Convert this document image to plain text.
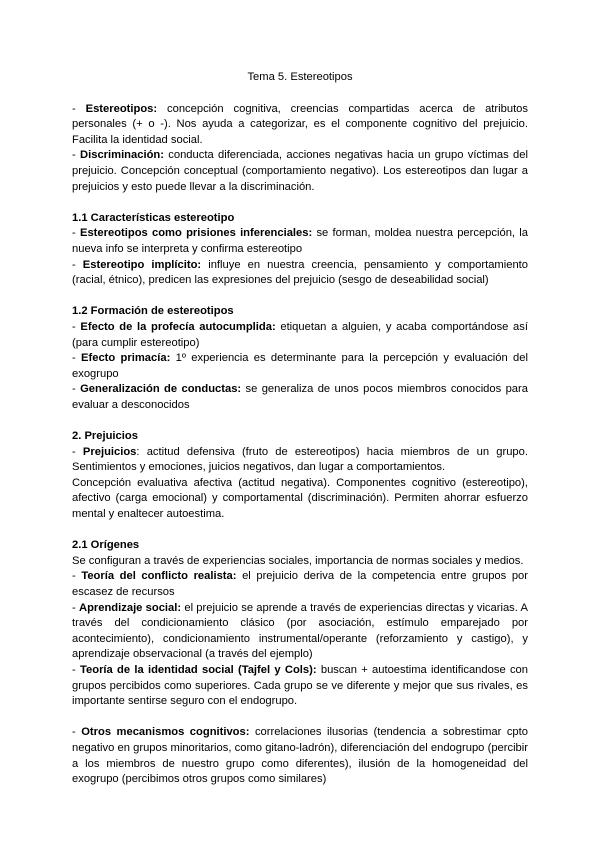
Tema 5. Estereotipos

- Estereotipos: concepción cognitiva, creencias compartidas acerca de atributos personales (+ o -). Nos ayuda a categorizar, es el componente cognitivo del prejuicio. Facilita la identidad social.

- Discriminación: conducta diferenciada, acciones negativas hacia un grupo víctimas del prejuicio. Concepción conceptual (comportamiento negativo). Los estereotipos dan lugar a prejuicios y esto puede llevar a la discriminación.

1.1 Características estereotipo

- Estereotipos como prisiones inferenciales: se forman, moldea nuestra percepción, la nueva info se interpreta y confirma estereotipo

- Estereotipo implícito: influye en nuestra creencia, pensamiento y comportamiento (racial, étnico), predicen las expresiones del prejuicio (sesgo de deseabilidad social)

1.2 Formación de estereotipos

- Efecto de la profecía autocumplida: etiquetan a alguien, y acaba comportándose así (para cumplir estereotipo)

- Efecto primacía: 1º experiencia es determinante para la percepción y evaluación del exogrupo

- Generalización de conductas: se generaliza de unos pocos miembros conocidos para evaluar a desconocidos

2. Prejuicios

- Prejuicios: actitud defensiva (fruto de estereotipos) hacia miembros de un grupo. Sentimientos y emociones, juicios negativos, dan lugar a comportamientos.

Concepción evaluativa afectiva (actitud negativa). Componentes cognitivo (estereotipo), afectivo (carga emocional) y comportamental (discriminación). Permiten ahorrar esfuerzo mental y enaltecer autoestima.

2.1 Orígenes

Se configuran a través de experiencias sociales, importancia de normas sociales y medios.

- Teoría del conflicto realista: el prejuicio deriva de la competencia entre grupos por escasez de recursos

- Aprendizaje social: el prejuicio se aprende a través de experiencias directas y vicarias. A través del condicionamiento clásico (por asociación, estímulo emparejado por acontecimiento), condicionamiento instrumental/operante (reforzamiento y castigo), y aprendizaje observacional (a través del ejemplo)

- Teoría de la identidad social (Tajfel y Cols): buscan + autoestima identificandose con grupos percibidos como superiores. Cada grupo se ve diferente y mejor que sus rivales, es importante sentirse seguro con el endogrupo.

- Otros mecanismos cognitivos: correlaciones ilusorias (tendencia a sobrestimar cpto negativo en grupos minoritarios, como gitano-ladrón), diferenciación del endogrupo (percibir a los miembros de nuestro grupo como diferentes), ilusión de la homogeneidad del exogrupo (percibimos otros grupos como similares)
